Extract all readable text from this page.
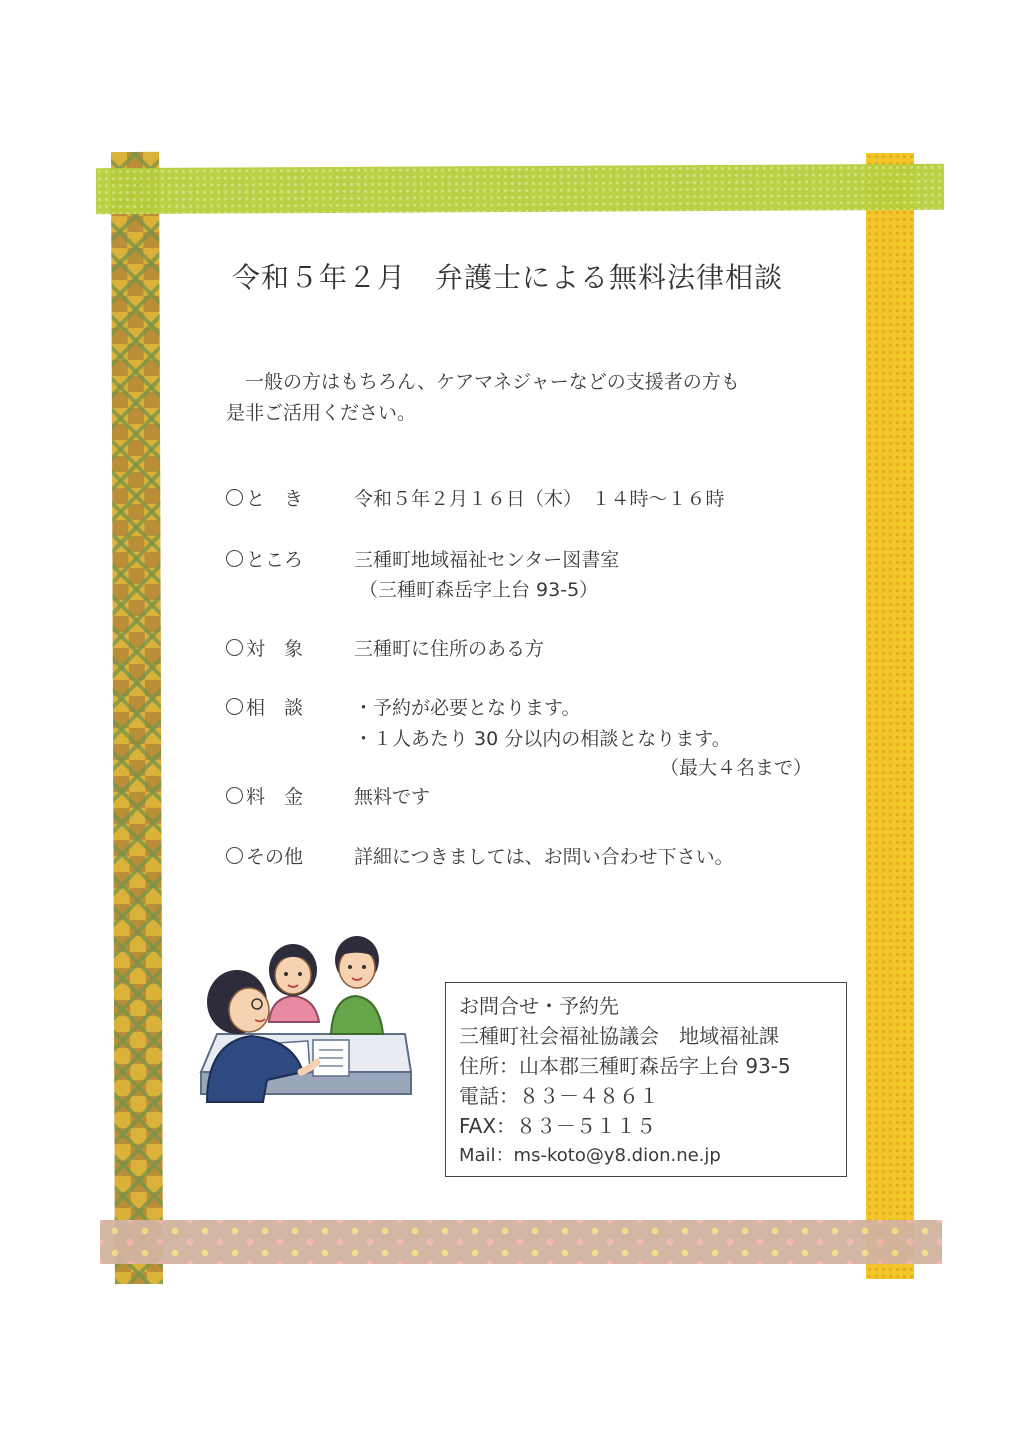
令和５年２月　弁護士による無料法律相談
　一般の方はもちろん、ケアマネジャーなどの支援者の方も
是非ご活用ください。
と　き	令和５年２月１６日（木）　１４時～１６時
ところ	三種町地域福祉センター図書室
（三種町森岳字上台 93-5）
対　象	三種町に住所のある方
相　談	・予約が必要となります。
・１人あたり 30 分以内の相談となります。
（最大４名まで）
料　金	無料です
その他	詳細につきましては、お問い合わせ下さい。
お問合せ・予約先
三種町社会福祉協議会　地域福祉課
住所：山本郡三種町森岳字上台 93-5
電話：８３－４８６１
FAX：８３－５１１５
Mail：ms-koto@y8.dion.ne.jp
